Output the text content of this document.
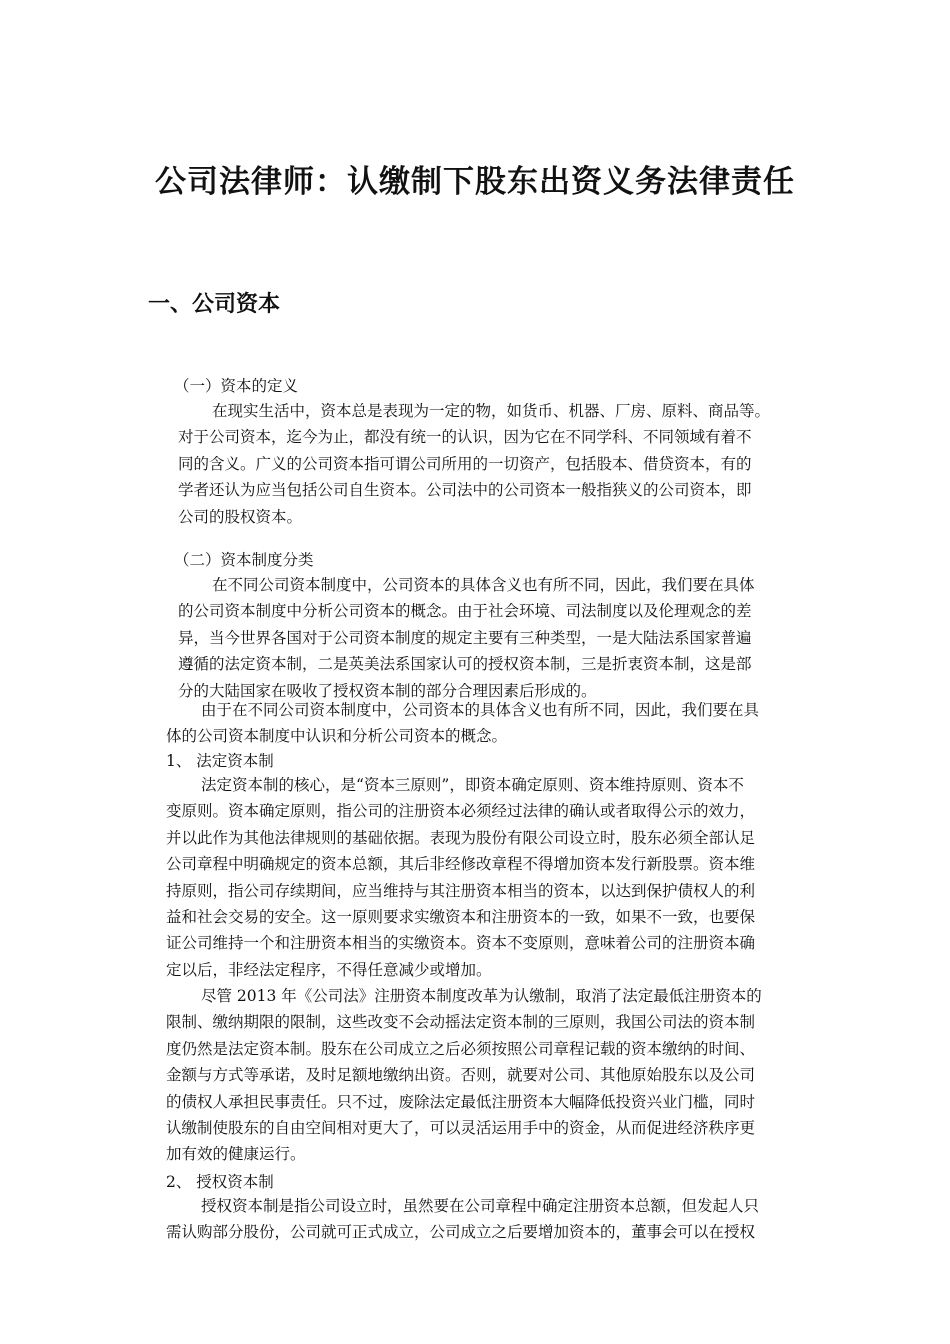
公司法律师：认缴制下股东出资义务法律责任
一、公司资本
（一）资本的定义
在现实生活中，资本总是表现为一定的物，如货币、机器、厂房、原料、商品等。
对于公司资本，迄今为止，都没有统一的认识，因为它在不同学科、不同领域有着不
同的含义。广义的公司资本指可谓公司所用的一切资产，包括股本、借贷资本，有的
学者还认为应当包括公司自生资本。公司法中的公司资本一般指狭义的公司资本，即
公司的股权资本。
（二）资本制度分类
在不同公司资本制度中，公司资本的具体含义也有所不同，因此，我们要在具体
的公司资本制度中分析公司资本的概念。由于社会环境、司法制度以及伦理观念的差
异，当今世界各国对于公司资本制度的规定主要有三种类型，一是大陆法系国家普遍
遵循的法定资本制，二是英美法系国家认可的授权资本制，三是折衷资本制，这是部
分的大陆国家在吸收了授权资本制的部分合理因素后形成的。
由于在不同公司资本制度中，公司资本的具体含义也有所不同，因此，我们要在具
体的公司资本制度中认识和分析公司资本的概念。
1、 法定资本制
法定资本制的核心，是“资本三原则”，即资本确定原则、资本维持原则、资本不
变原则。资本确定原则，指公司的注册资本必须经过法律的确认或者取得公示的效力，
并以此作为其他法律规则的基础依据。表现为股份有限公司设立时，股东必须全部认足
公司章程中明确规定的资本总额，其后非经修改章程不得增加资本发行新股票。资本维
持原则，指公司存续期间，应当维持与其注册资本相当的资本，以达到保护债权人的利
益和社会交易的安全。这一原则要求实缴资本和注册资本的一致，如果不一致，也要保
证公司维持一个和注册资本相当的实缴资本。资本不变原则，意味着公司的注册资本确
定以后，非经法定程序，不得任意减少或增加。
尽管 2013 年《公司法》注册资本制度改革为认缴制，取消了法定最低注册资本的
限制、缴纳期限的限制，这些改变不会动摇法定资本制的三原则，我国公司法的资本制
度仍然是法定资本制。股东在公司成立之后必须按照公司章程记载的资本缴纳的时间、
金额与方式等承诺，及时足额地缴纳出资。否则，就要对公司、其他原始股东以及公司
的债权人承担民事责任。只不过，废除法定最低注册资本大幅降低投资兴业门槛，同时
认缴制使股东的自由空间相对更大了，可以灵活运用手中的资金，从而促进经济秩序更
加有效的健康运行。
2、 授权资本制
授权资本制是指公司设立时，虽然要在公司章程中确定注册资本总额，但发起人只
需认购部分股份，公司就可正式成立，公司成立之后要增加资本的，董事会可以在授权
